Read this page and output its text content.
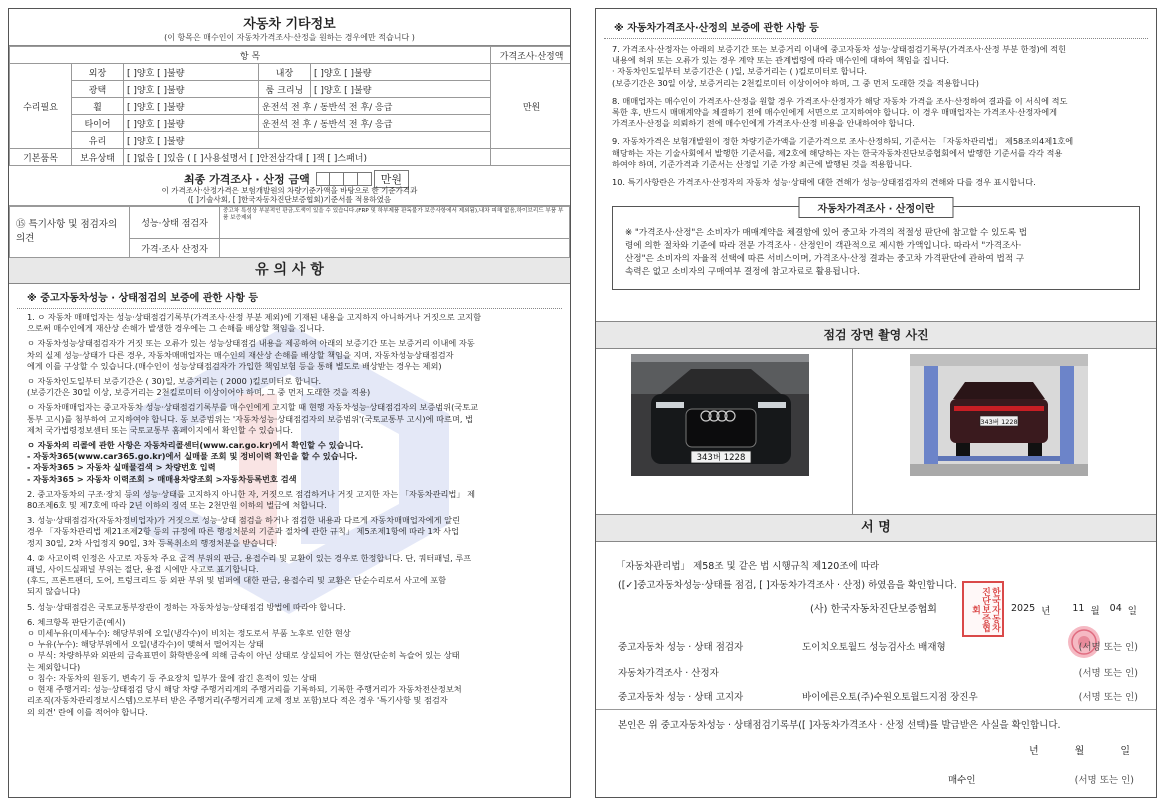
자동차 기타정보
(이 항목은 매수인이 자동차가격조사·산정을 원하는 경우에만 적습니다 )
항 목					가격조사·산정액
수리필요	외장	[ ]양호 [ ]불량	내장	[ ]양호 [ ]불량	만원
	광택	[ ]양호 [ ]불량	룸 크리닝	[ ]양호 [ ]불량	
	휠	[ ]양호 [ ]불량	운전석 전 후 / 동반석 전 후/ 응급		
	타이어	[ ]양호 [ ]불량	운전석 전 후 / 동반석 전 후/ 응급		
	유리	[ ]양호 [ ]불량			
기본품목	보유상태	[ ]없음 [ ]있음 ( [ ]사용설명서 [ ]안전삼각대 [ ]잭 [ ]스패너)			
최종 가격조사 · 산정 금액	만원
이 가격조사·산정가격은 보험개발원의 차량기준가액을 바탕으로 한 기준가격과
([ ]기술사회, [ ]한국자동차진단보증협회)기준서를 적용하였음
⑮ 특기사항 및 점검자의 의견	성능·상태 점검자	중고차 특성상 부분적인 판금,도색이 있을 수 있습니다.(FRP 및 하부제품 판독불가 보증사항에서 제외됨),내차 피해 없음,하이브리드 부품 부품 보증제외
	가격·조사 산정자	
유 의 사 항
※ 중고자동차성능 · 상태점검의 보증에 관한 사항 등

1. ㅇ 자동차 매매업자는 성능·상태점검기록부(가격조사·산정 부분 제외)에 기재된 내용을 고지하지 아니하거나 거짓으로 고지함

으로써 매수인에게 재산상 손해가 발생한 경우에는 그 손해를 배상할 책임을 집니다.

ㅇ 자동차성능상태점검자가 거짓 또는 오류가 있는 성능상태점검 내용을 제공하여 아래의 보증기간 또는 보증거리 이내에 자동

차의 실제 성능·상태가 다른 경우, 자동차매매업자는 매수인의 재산상 손해를 배상할 책임을 지며, 자동차성능상태점검자

에게 이를 구상할 수 있습니다.(매수인이 성능상태점검자가 가입한 책임보험 등을 통해 별도로 배상받는 경우는 제외)

ㅇ 자동차인도일부터 보증기간은 ( 30)일, 보증거리는 ( 2000 )킬로미터로 합니다.

(보증기간은 30일 이상, 보증거리는 2천킬로미터 이상이어야 하며, 그 중 먼저 도래한 것을 적용)

ㅇ 자동차매매업자는 중고자동차 성능·상태점검기록부를 매수인에게 고지할 때 현행 자동차성능·상태점검자의 보증범위(국토교

통부 고시)를 첨부하여 고지하여야 합니다. 동 보증범위는 '자동차성능·상태점검자의 보증범위'(국토교통부 고시)에 따르며, 법

제처 국가법령정보센터 또는 국토교통부 홈페이지에서 확인할 수 있습니다.

ㅇ 자동차의 리콜에 관한 사항은 자동차리콜센터(www.car.go.kr)에서 확인할 수 있습니다.

- 자동차365(www.car365.go.kr)에서 실매물 조회 및 정비이력 확인을 할 수 있습니다.

- 자동차365 > 자동차 실매물검색 > 차량번호 입력

- 자동차365 > 자동차 이력조회 > 매매용차량조회 >자동차등록번호 검색

2. 중고자동차의 구조·장치 등의 성능·상태를 고지하지 아니한 자, 거짓으로 점검하거나 거짓 고지한 자는 「자동차관리법」 제

80조제6호 및 제7호에 따라 2년 이하의 징역 또는 2천만원 이하의 벌금에 처합니다.

3. 성능·상태점검자(자동차정비업자)가 거짓으로 성능·상태 점검을 하거나 점검한 내용과 다르게 자동차매매업자에게 알린

경우 「자동차관리법 제21조제2항 등의 규정에 따른 행정처분의 기준과 절차에 관한 규칙」 제5조제1항에 따라 1차 사업

정지 30일, 2차 사업정지 90일, 3차 등록취소의 행정처분을 받습니다.

4. ② 사고이력 인정은 사고로 자동차 주요 골격 부위의 판금, 용접수리 및 교환이 있는 경우로 한정합니다. 단, 쿼터패널, 루프

패널, 사이드실패널 부위는 절단, 용접 시에만 사고로 표기합니다.

(후드, 프론트펜더, 도어, 트렁크리드 등 외판 부위 및 범퍼에 대한 판금, 용접수리 및 교환은 단순수리로서 사고에 포함

되지 않습니다)

5. 성능·상태점검은 국토교통부장관이 정하는 자동차성능·상태점검 방법에 따라야 합니다.

6. 체크항목 판단기준(예시)

ㅇ 미세누유(미세누수): 해당부위에 오일(냉각수)이 비치는 정도로서 부품 노후로 인한 현상

ㅇ 누유(누수): 해당부위에서 오일(냉각수)이 맺혀서 떨어지는 상태

ㅇ 부식: 차량하부와 외판의 금속표면이 화학반응에 의해 금속이 아닌 상태로 상실되어 가는 현상(단순히 녹슬어 있는 상태

는 제외합니다)

ㅇ 침수: 자동차의 원동기, 변속기 등 주요장치 일부가 물에 잠긴 흔적이 있는 상태

ㅇ 현재 주행거리: 성능·상태점검 당시 해당 차량 주행거리계의 주행거리를 기록하되, 기록한 주행거리가 자동차전산정보처

리조직(자동차관리정보시스템)으로부터 받은 주행거리(주행거리계 교체 정보 포함)보다 적은 경우 '특기사항 및 점검자

의 의견' 란에 이를 적어야 합니다.

※ 자동차가격조사·산정의 보증에 관한 사항 등

7. 가격조사·산정자는 아래의 보증기간 또는 보증거리 이내에 중고자동차 성능·상태점검기록부(가격조사·산정 부분 한정)에 적힌

내용에 허위 또는 오류가 있는 경우 계약 또는 관계법령에 따라 매수인에 대하여 책임을 집니다.

· 자동차인도일부터 보증기간은 ( )일, 보증거리는 ( )킬로미터로 합니다.

(보증기간은 30일 이상, 보증거리는 2천킬로미터 이상이어야 하며, 그 중 먼저 도래한 것을 적용합니다)

8. 매매업자는 매수인이 가격조사·산정을 원할 경우 가격조사·산정자가 해당 자동차 가격을 조사·산정하여 결과를 이 서식에 적도

록한 후, 반드시 매매계약을 체결하기 전에 매수인에게 서면으로 고지하여야 합니다. 이 경우 매매업자는 가격조사·산정자에게

가격조사·산정을 의뢰하기 전에 매수인에게 가격조사·산정 비용을 안내하여야 합니다.

9. 자동차가격은 보험개발원이 정한 차량기준가액을 기준가격으로 조사·산정하되, 기준서는 「자동차관리법」 제58조의4제1호에

해당하는 자는 기술사회에서 발행한 기준서를, 제2호에 해당하는 자는 한국자동차진단보증협회에서 발행한 기준서를 각각 적용

하여야 하며, 기준가격과 기준서는 산정일 기준 가장 최근에 발행된 것을 적용합니다.

10. 특기사항란은 가격조사·산정자의 자동차 성능·상태에 대한 견해가 성능·상태점검자의 견해와 다를 경우 표시합니다.

자동차가격조사 · 산정이란

※ "가격조사·산정"은 소비자가 매매계약을 체결함에 있어 중고차 가격의 적절성 판단에 참고할 수 있도록 법

령에 의한 절차와 기준에 따라 전문 가격조사 · 산정인이 객관적으로 제시한 가액입니다. 따라서 "가격조사·

산정"은 소비자의 자율적 선택에 따른 서비스이며, 가격조사·산정 결과는 중고차 가격판단에 관하여 법적 구

속력은 없고 소비자의 구매여부 결정에 참고자료로 활용됩니다.

점검 장면 촬영 사진
343버 1228
343버 1228
서 명
「자동차관리법」 제58조 및 같은 법 시행규칙 제120조에 따라
([✓]중고자동차성능·상태를 점검, [ ]자동차가격조사 · 산정) 하였음을 확인합니다.
한국자동차진단보증협회
(사) 한국자동차진단보증협회	2025 년 11 월 04 일
중고자동차 성능 · 상태 점검자	도이치오토월드 성능검사소 배재형	(서명 또는 인)
자동차가격조사 · 산정자	(서명 또는 인)
중고자동차 성능 · 상태 고지자	바이에른오토(주)수원오토월드지점 장진우	(서명 또는 인)
본인은 위 중고자동차성능 · 상태점검기록부([ ]자동차가격조사 · 산정 선택)를 발급받은 사실을 확인합니다.
년	월	일
매수인	(서명 또는 인)
